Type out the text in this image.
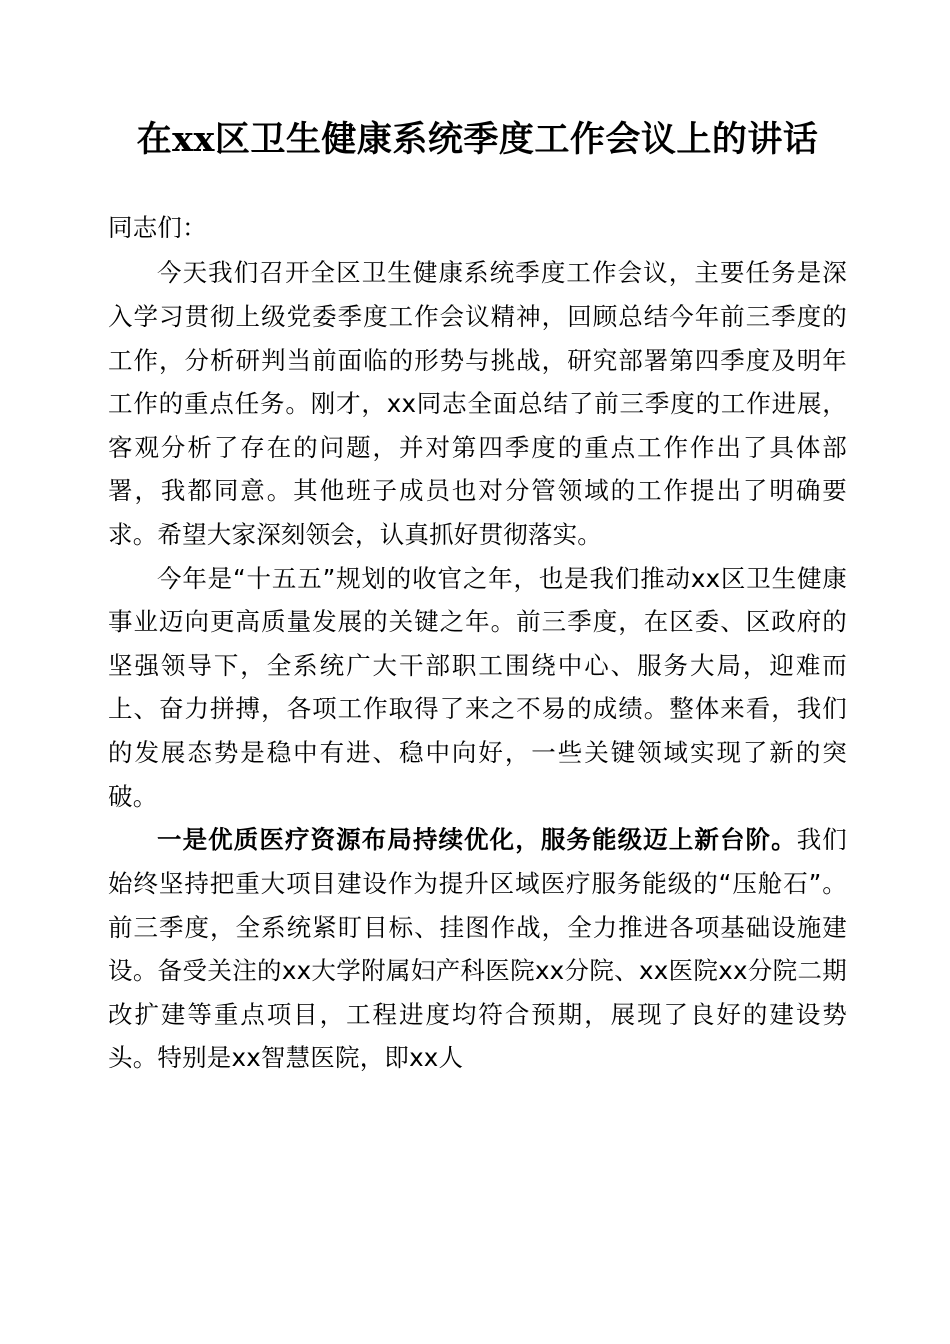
在xx区卫生健康系统季度工作会议上的讲话

同志们：

今天我们召开全区卫生健康系统季度工作会议，主要任务是深入学习贯彻上级党委季度工作会议精神，回顾总结今年前三季度的工作，分析研判当前面临的形势与挑战，研究部署第四季度及明年工作的重点任务。刚才，xx同志全面总结了前三季度的工作进展，客观分析了存在的问题，并对第四季度的重点工作作出了具体部署，我都同意。其他班子成员也对分管领域的工作提出了明确要求。希望大家深刻领会，认真抓好贯彻落实。

今年是“十五五”规划的收官之年，也是我们推动xx区卫生健康事业迈向更高质量发展的关键之年。前三季度，在区委、区政府的坚强领导下，全系统广大干部职工围绕中心、服务大局，迎难而上、奋力拼搏，各项工作取得了来之不易的成绩。整体来看，我们的发展态势是稳中有进、稳中向好，一些关键领域实现了新的突破。

一是优质医疗资源布局持续优化，服务能级迈上新台阶。我们始终坚持把重大项目建设作为提升区域医疗服务能级的“压舱石”。前三季度，全系统紧盯目标、挂图作战，全力推进各项基础设施建设。备受关注的xx大学附属妇产科医院xx分院、xx医院xx分院二期改扩建等重点项目，工程进度均符合预期，展现了良好的建设势头。特别是xx智慧医院，即xx人
